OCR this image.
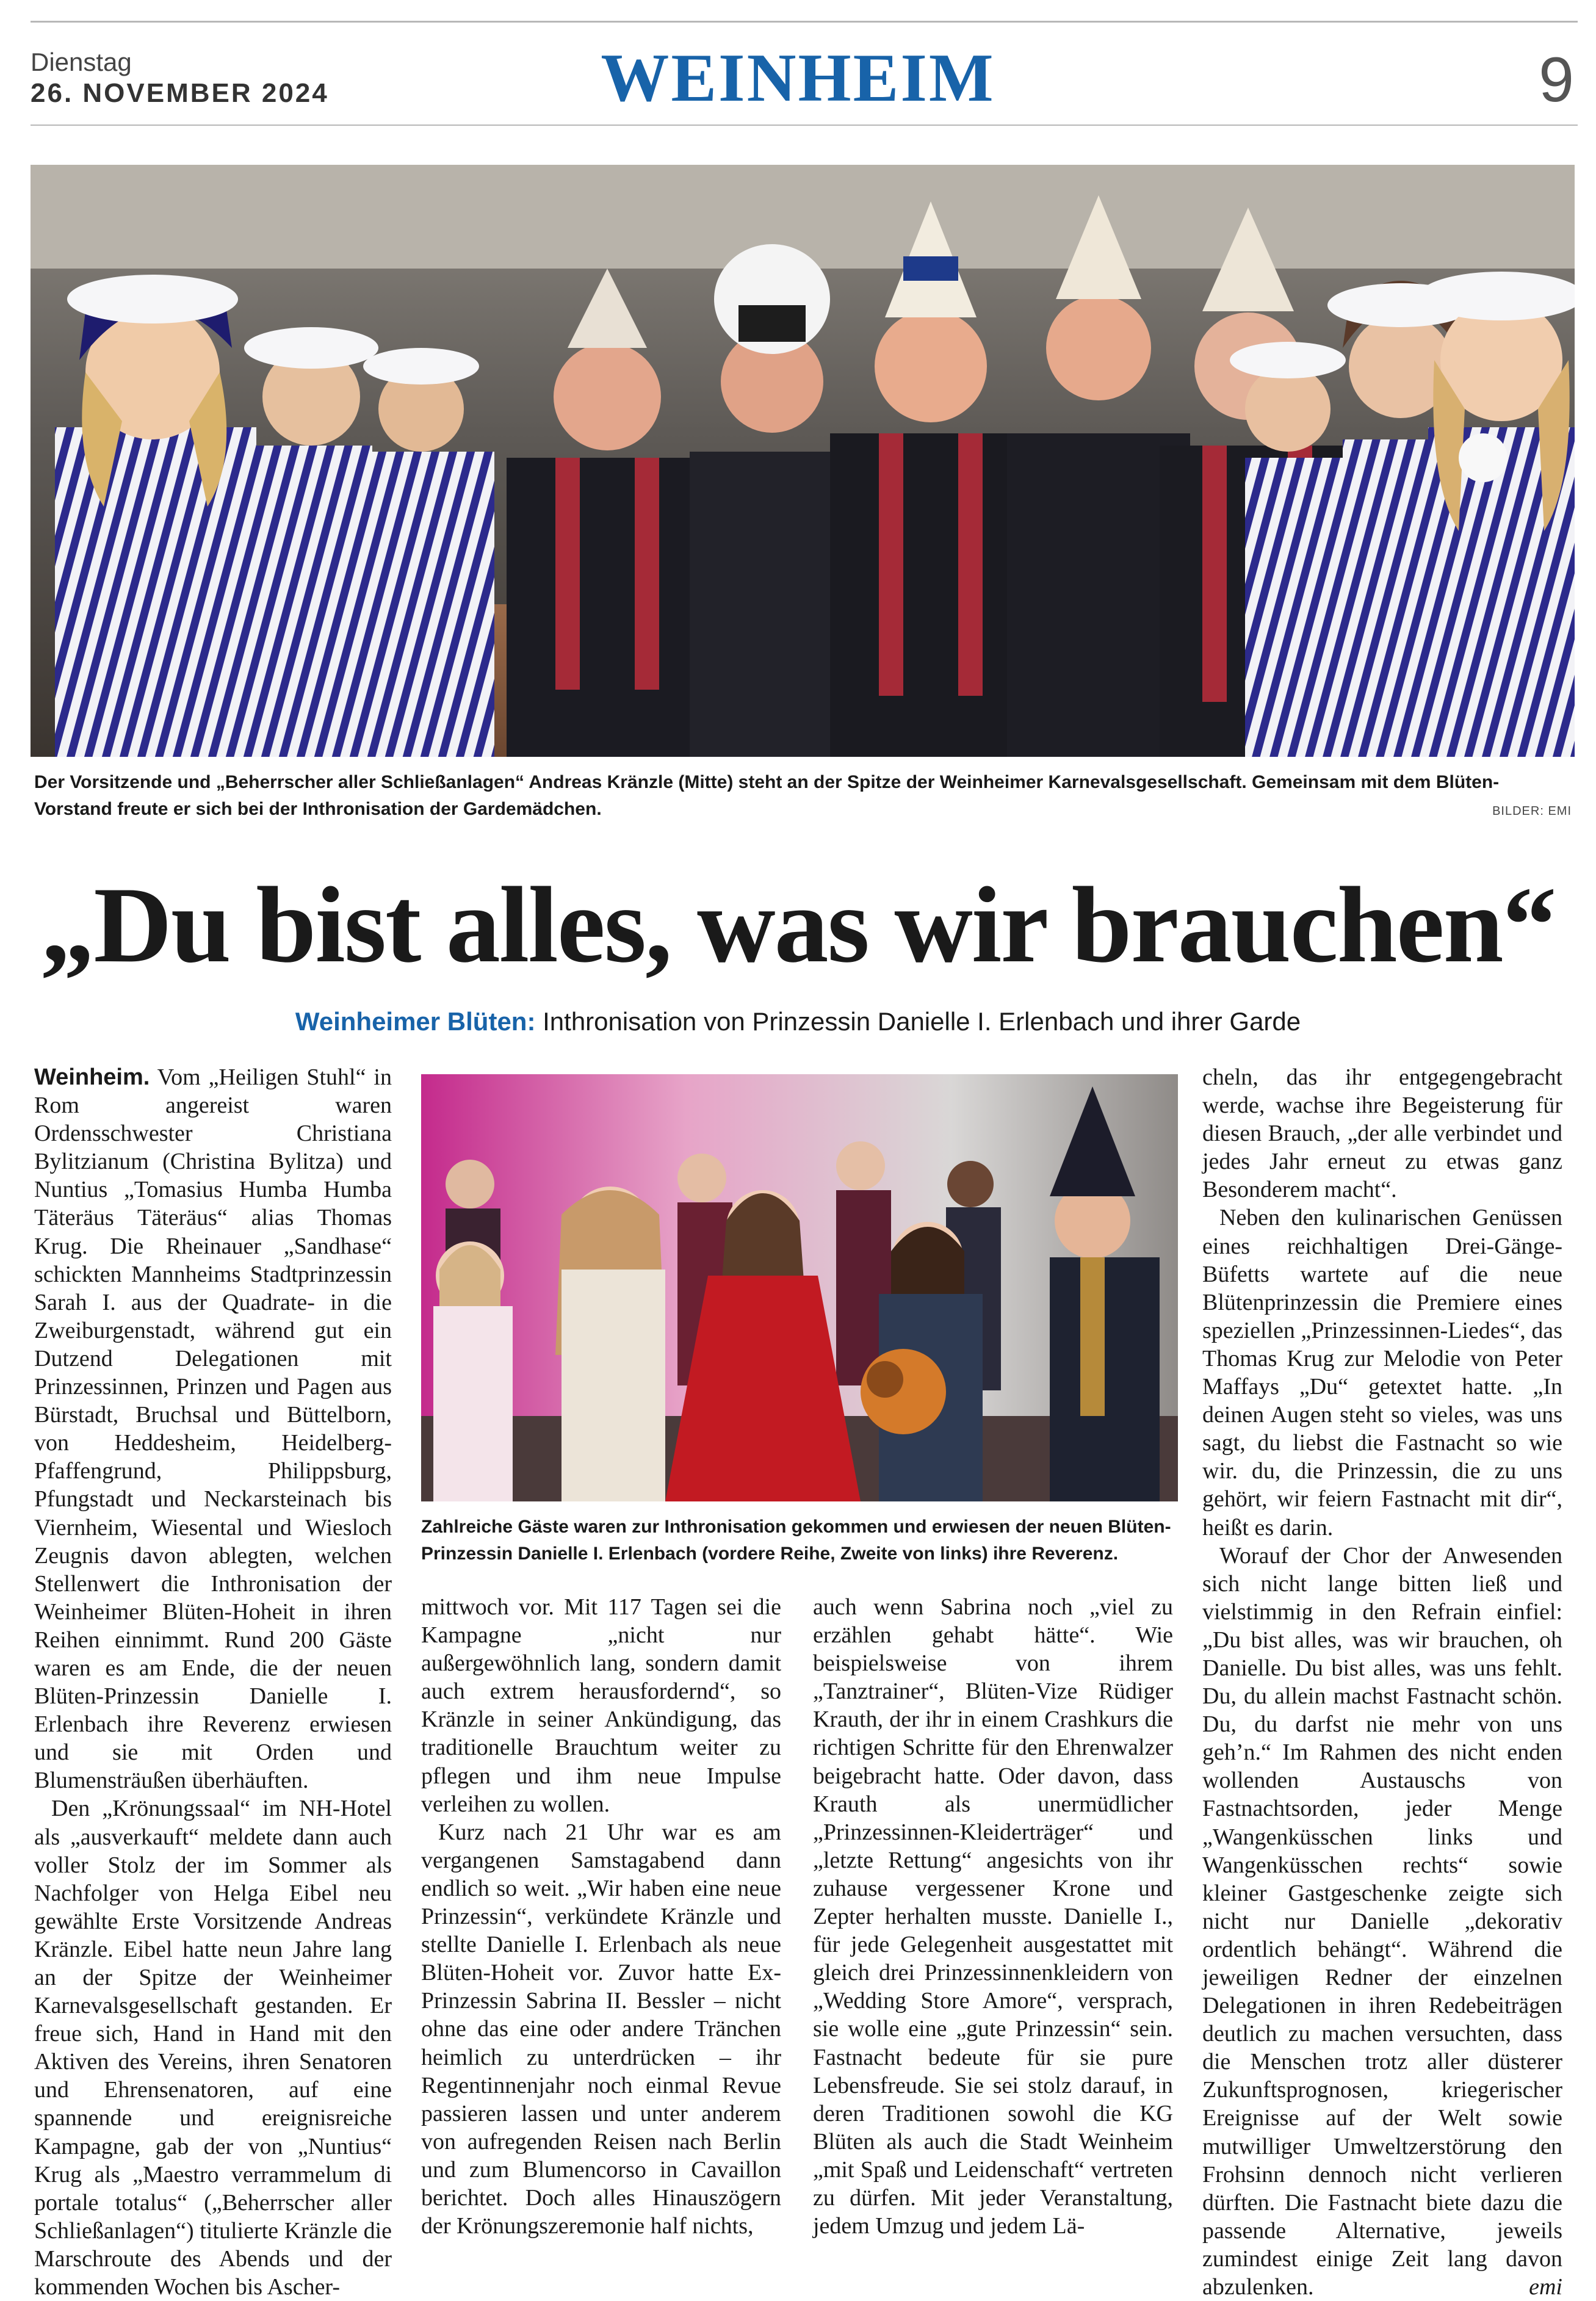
Dienstag
26. NOVEMBER 2024	WEINHEIM	9
Der Vorsitzende und „Beherrscher aller Schließanlagen“ Andreas Kränzle (Mitte) steht an der Spitze der Weinheimer Karnevalsgesellschaft. Gemeinsam mit dem Blüten-Vorstand freute er sich bei der Inthronisation der Gardemädchen.	BILDER: EMI
„Du bist alles, was wir brauchen“
Weinheimer Blüten: Inthronisation von Prinzessin Danielle I. Erlenbach und ihrer Garde

Weinheim. Vom „Heiligen Stuhl“ in Rom angereist waren Ordensschwester Christiana Bylitzianum (Christina Bylitza) und Nuntius „Tomasius Humba Humba Täteräus Täteräus“ alias Thomas Krug. Die Rheinauer „Sandhase“ schickten Mannheims Stadtprinzessin Sarah I. aus der Quadrate- in die Zweiburgenstadt, während gut ein Dutzend Delegationen mit Prinzessinnen, Prinzen und Pagen aus Bürstadt, Bruchsal und Büttelborn, von Heddesheim, Heidelberg-Pfaffengrund, Philippsburg, Pfungstadt und Neckarsteinach bis Viernheim, Wiesental und Wiesloch Zeugnis davon ablegten, welchen Stellenwert die Inthronisation der Weinheimer Blüten-Hoheit in ihren Reihen einnimmt. Rund 200 Gäste waren es am Ende, die der neuen Blüten-Prinzessin Danielle I. Erlenbach ihre Reverenz erwiesen und sie mit Orden und Blumensträußen überhäuften.

Den „Krönungssaal“ im NH-Hotel als „ausverkauft“ meldete dann auch voller Stolz der im Sommer als Nachfolger von Helga Eibel neu gewählte Erste Vorsitzende Andreas Kränzle. Eibel hatte neun Jahre lang an der Spitze der Weinheimer Karnevalsgesellschaft gestanden. Er freue sich, Hand in Hand mit den Aktiven des Vereins, ihren Senatoren und Ehrensenatoren, auf eine spannende und ereignisreiche Kampagne, gab der von „Nuntius“ Krug als „Maestro verrammelum di portale totalus“ („Beherrscher aller Schließanlagen“) titulierte Kränzle die Marschroute des Abends und der kommenden Wochen bis Ascher-

Zahlreiche Gäste waren zur Inthronisation gekommen und erwiesen der neuen Blüten-Prinzessin Danielle I. Erlenbach (vordere Reihe, Zweite von links) ihre Reverenz.

mittwoch vor. Mit 117 Tagen sei die Kampagne „nicht nur außergewöhnlich lang, sondern damit auch extrem herausfordernd“, so Kränzle in seiner Ankündigung, das traditionelle Brauchtum weiter zu pflegen und ihm neue Impulse verleihen zu wollen.

Kurz nach 21 Uhr war es am vergangenen Samstagabend dann endlich so weit. „Wir haben eine neue Prinzessin“, verkündete Kränzle und stellte Danielle I. Erlenbach als neue Blüten-Hoheit vor. Zuvor hatte Ex-Prinzessin Sabrina II. Bessler – nicht ohne das eine oder andere Tränchen heimlich zu unterdrücken – ihr Regentinnenjahr noch einmal Revue passieren lassen und unter anderem von aufregenden Reisen nach Berlin und zum Blumencorso in Cavaillon berichtet. Doch alles Hinauszögern der Krönungszeremonie half nichts,

auch wenn Sabrina noch „viel zu erzählen gehabt hätte“. Wie beispielsweise von ihrem „Tanztrainer“, Blüten-Vize Rüdiger Krauth, der ihr in einem Crashkurs die richtigen Schritte für den Ehrenwalzer beigebracht hatte. Oder davon, dass Krauth als unermüdlicher „Prinzessinnen-Kleiderträger“ und „letzte Rettung“ angesichts von ihr zuhause vergessener Krone und Zepter herhalten musste. Danielle I., für jede Gelegenheit ausgestattet mit gleich drei Prinzessinnenkleidern von „Wedding Store Amore“, versprach, sie wolle eine „gute Prinzessin“ sein. Fastnacht bedeute für sie pure Lebensfreude. Sie sei stolz darauf, in deren Traditionen sowohl die KG Blüten als auch die Stadt Weinheim „mit Spaß und Leidenschaft“ vertreten zu dürfen. Mit jeder Veranstaltung, jedem Umzug und jedem Lä-

cheln, das ihr entgegengebracht werde, wachse ihre Begeisterung für diesen Brauch, „der alle verbindet und jedes Jahr erneut zu etwas ganz Besonderem macht“.

Neben den kulinarischen Genüssen eines reichhaltigen Drei-Gänge-Büfetts wartete auf die neue Blütenprinzessin die Premiere eines speziellen „Prinzessinnen-Liedes“, das Thomas Krug zur Melodie von Peter Maffays „Du“ getextet hatte. „In deinen Augen steht so vieles, was uns sagt, du liebst die Fastnacht so wie wir. du, die Prinzessin, die zu uns gehört, wir feiern Fastnacht mit dir“, heißt es darin.

Worauf der Chor der Anwesenden sich nicht lange bitten ließ und vielstimmig in den Refrain einfiel: „Du bist alles, was wir brauchen, oh Danielle. Du bist alles, was uns fehlt. Du, du allein machst Fastnacht schön. Du, du darfst nie mehr von uns geh’n.“ Im Rahmen des nicht enden wollenden Austauschs von Fastnachtsorden, jeder Menge „Wangenküsschen links und Wangenküsschen rechts“ sowie kleiner Gastgeschenke zeigte sich nicht nur Danielle „dekorativ ordentlich behängt“. Während die jeweiligen Redner der einzelnen Delegationen in ihren Redebeiträgen deutlich zu machen versuchten, dass die Menschen trotz aller düsterer Zukunftsprognosen, kriegerischer Ereignisse auf der Welt sowie mutwilliger Umweltzerstörung den Frohsinn dennoch nicht verlieren dürften. Die Fastnacht biete dazu die passende Alternative, jeweils zumindest einige Zeit lang davon abzulenken.	emi
